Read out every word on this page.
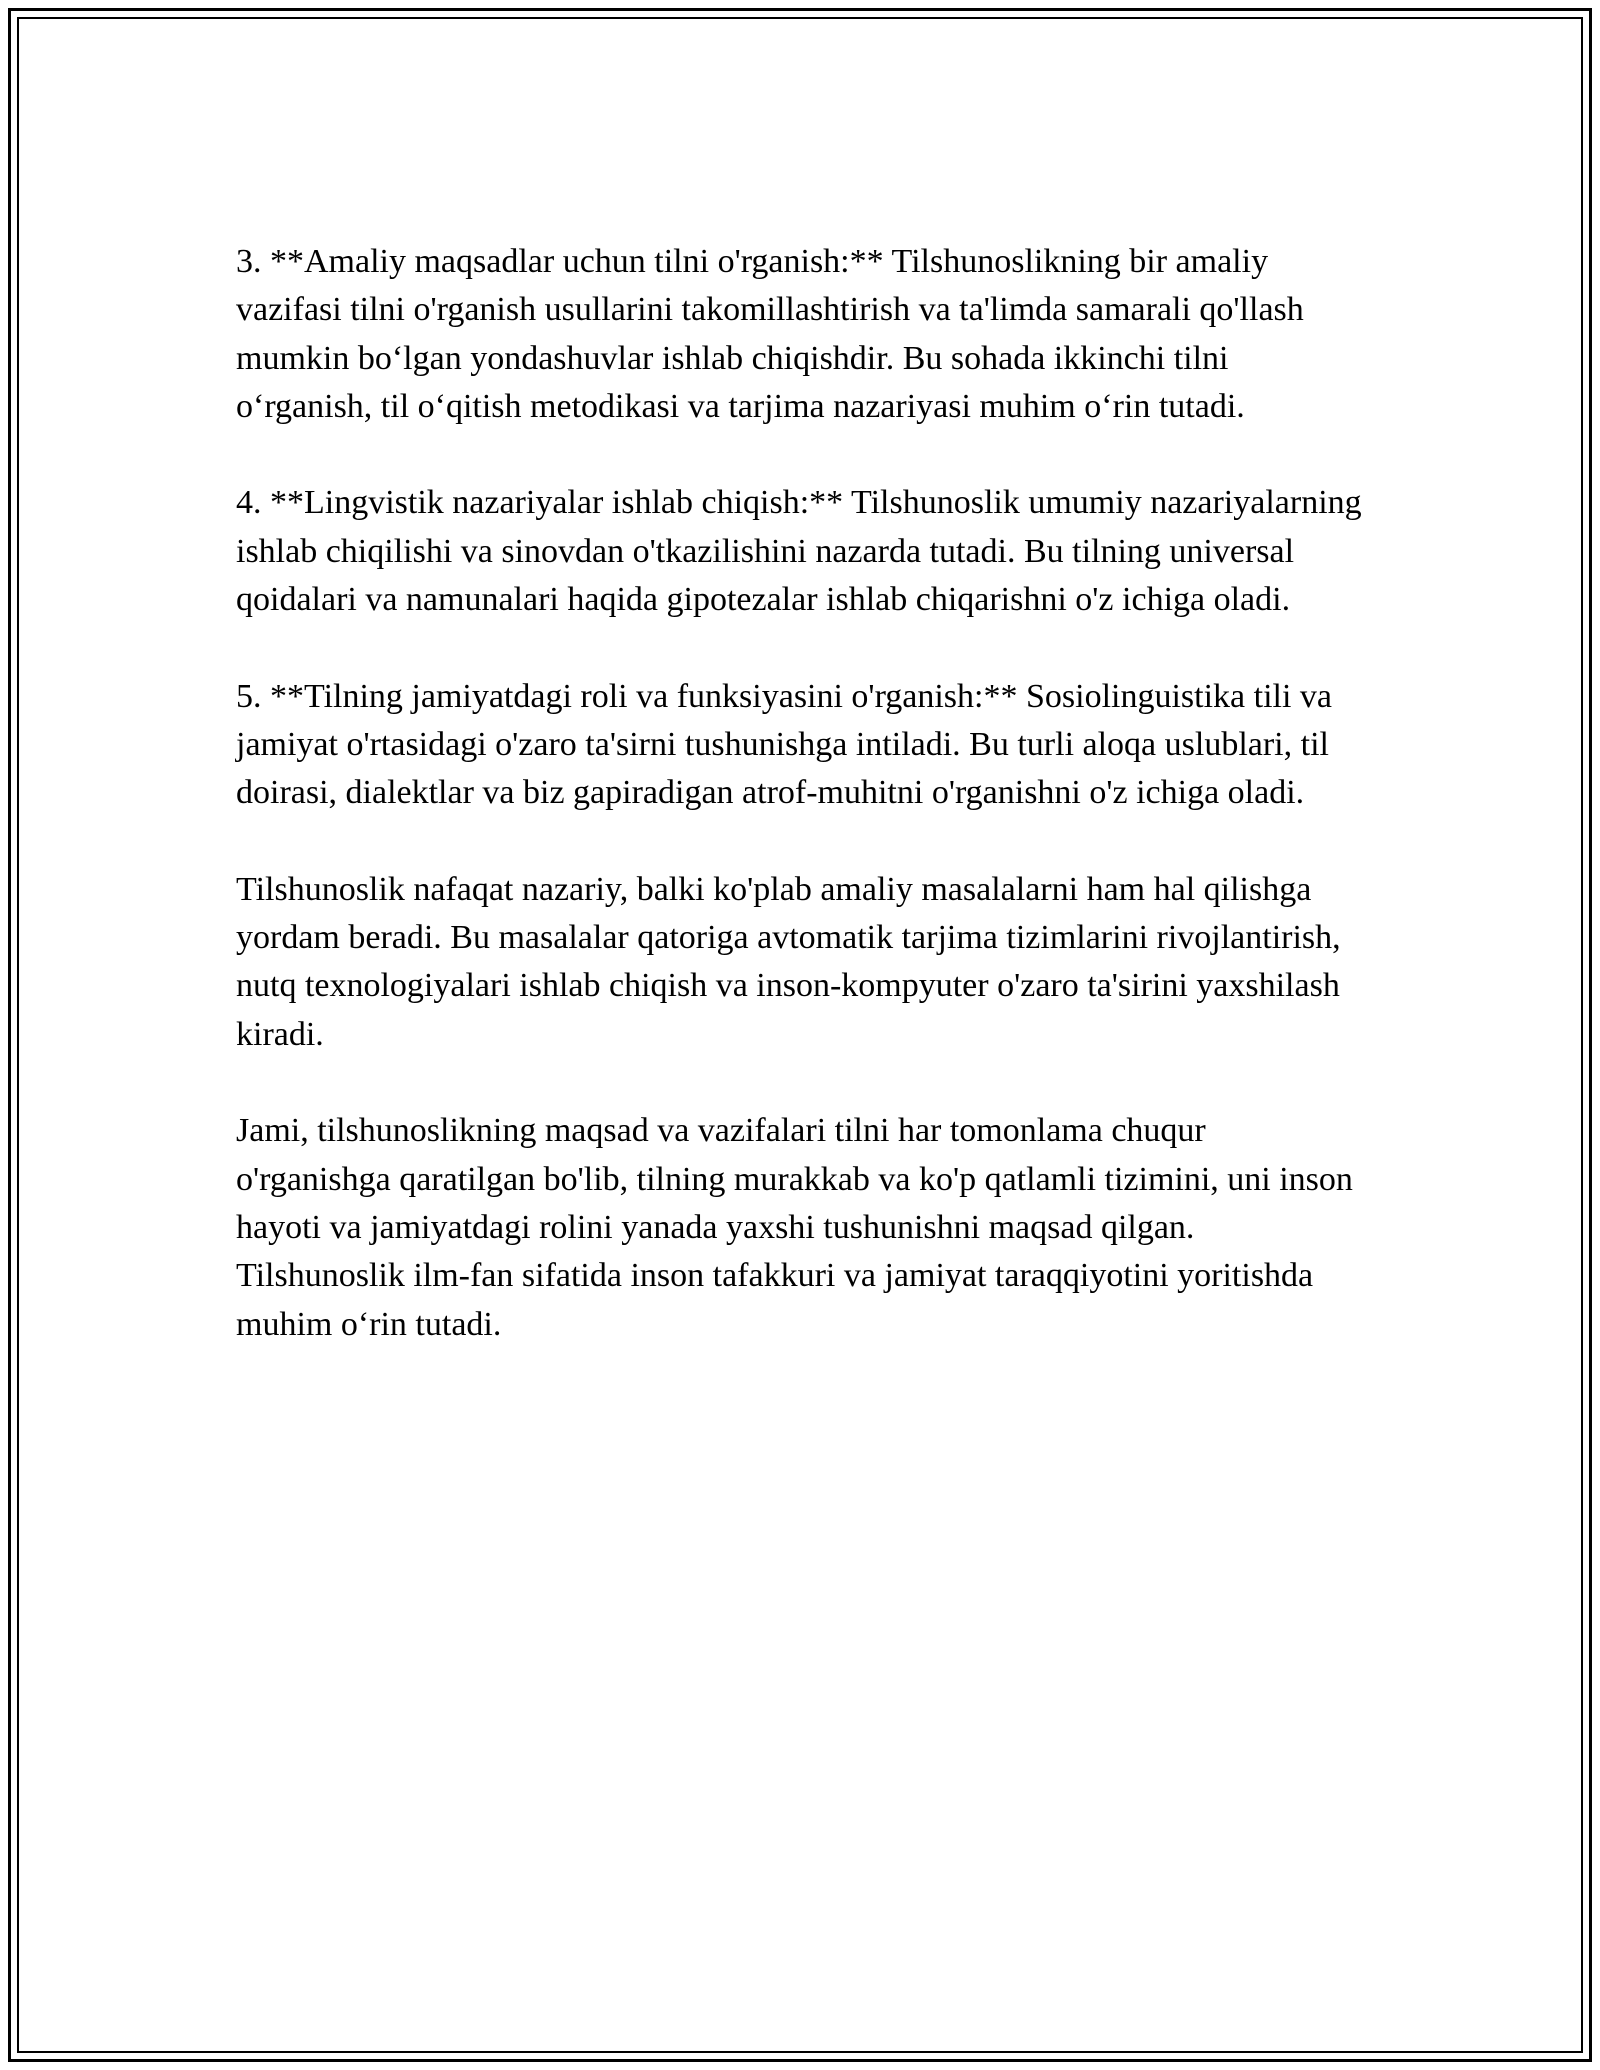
3. **Amaliy maqsadlar uchun tilni o'rganish:** Tilshunoslikning bir amaliy vazifasi tilni o'rganish usullarini takomillashtirish va ta'limda samarali qo'llash mumkin bo‘lgan yondashuvlar ishlab chiqishdir. Bu sohada ikkinchi tilni o‘rganish, til o‘qitish metodikasi va tarjima nazariyasi muhim o‘rin tutadi.

4. **Lingvistik nazariyalar ishlab chiqish:** Tilshunoslik umumiy nazariyalarning ishlab chiqilishi va sinovdan o'tkazilishini nazarda tutadi. Bu tilning universal qoidalari va namunalari haqida gipotezalar ishlab chiqarishni o'z ichiga oladi.

5. **Tilning jamiyatdagi roli va funksiyasini o'rganish:** Sosiolinguistika tili va jamiyat o'rtasidagi o'zaro ta'sirni tushunishga intiladi. Bu turli aloqa uslublari, til doirasi, dialektlar va biz gapiradigan atrof-muhitni o'rganishni o'z ichiga oladi.

Tilshunoslik nafaqat nazariy, balki ko'plab amaliy masalalarni ham hal qilishga yordam beradi. Bu masalalar qatoriga avtomatik tarjima tizimlarini rivojlantirish, nutq texnologiyalari ishlab chiqish va inson-kompyuter o'zaro ta'sirini yaxshilash kiradi.

Jami, tilshunoslikning maqsad va vazifalari tilni har tomonlama chuqur o'rganishga qaratilgan bo'lib, tilning murakkab va ko'p qatlamli tizimini, uni inson hayoti va jamiyatdagi rolini yanada yaxshi tushunishni maqsad qilgan. Tilshunoslik ilm-fan sifatida inson tafakkuri va jamiyat taraqqiyotini yoritishda muhim o‘rin tutadi.
